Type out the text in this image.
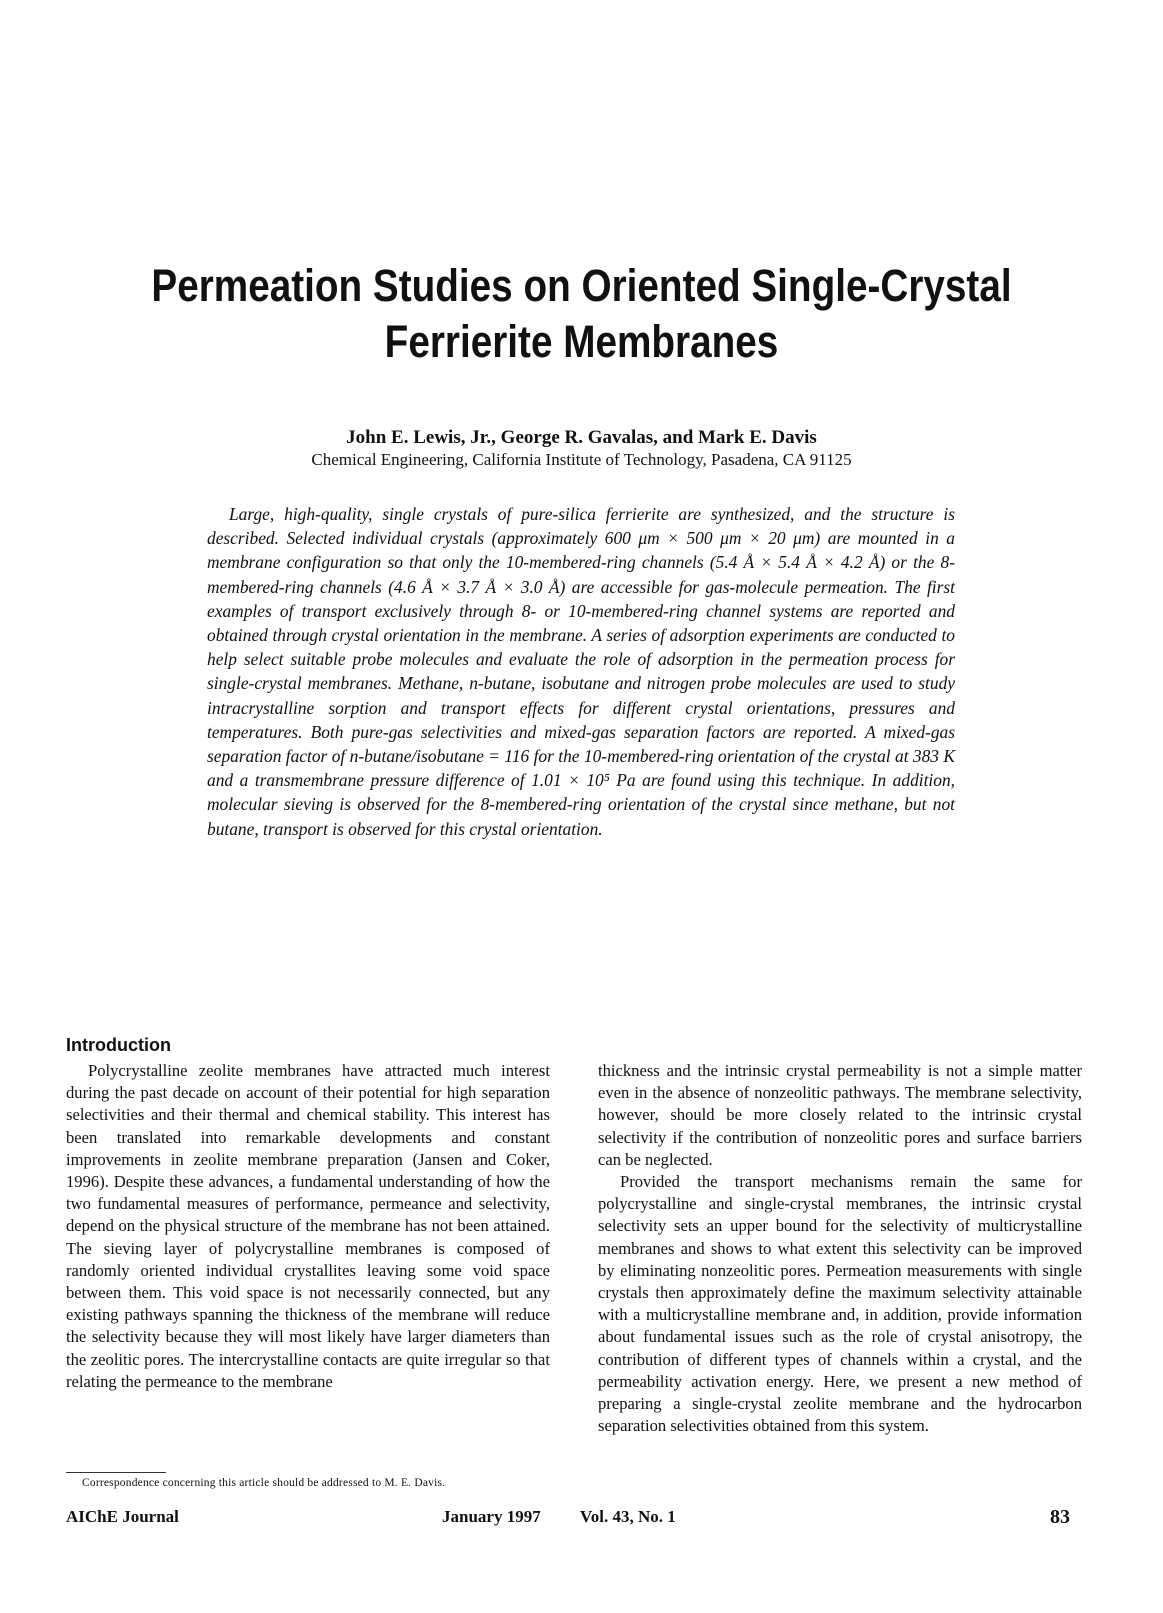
Permeation Studies on Oriented Single-Crystal
Ferrierite Membranes
John E. Lewis, Jr., George R. Gavalas, and Mark E. Davis
Chemical Engineering, California Institute of Technology, Pasadena, CA 91125
Large, high-quality, single crystals of pure-silica ferrierite are synthesized, and the structure is described. Selected individual crystals (approximately 600 μm × 500 μm × 20 μm) are mounted in a membrane configuration so that only the 10-membered-ring channels (5.4 Å × 5.4 Å × 4.2 Å) or the 8-membered-ring channels (4.6 Å × 3.7 Å × 3.0 Å) are accessible for gas-molecule permeation. The first examples of transport exclusively through 8- or 10-membered-ring channel systems are reported and obtained through crystal orientation in the membrane. A series of adsorption experiments are conducted to help select suitable probe molecules and evaluate the role of adsorption in the permeation process for single-crystal membranes. Methane, n-butane, isobutane and nitrogen probe molecules are used to study intracrystalline sorption and transport effects for different crystal orientations, pressures and temperatures. Both pure-gas selectivities and mixed-gas separation factors are reported. A mixed-gas separation factor of n-butane/isobutane = 116 for the 10-membered-ring orientation of the crystal at 383 K and a transmembrane pressure difference of 1.01 × 10⁵ Pa are found using this technique. In addition, molecular sieving is observed for the 8-membered-ring orientation of the crystal since methane, but not butane, transport is observed for this crystal orientation.
Introduction

Polycrystalline zeolite membranes have attracted much interest during the past decade on account of their potential for high separation selectivities and their thermal and chemical stability. This interest has been translated into remarkable developments and constant improvements in zeolite membrane preparation (Jansen and Coker, 1996). Despite these advances, a fundamental understanding of how the two fundamental measures of performance, permeance and selectivity, depend on the physical structure of the membrane has not been attained. The sieving layer of polycrystalline membranes is composed of randomly oriented individual crystallites leaving some void space between them. This void space is not necessarily connected, but any existing pathways spanning the thickness of the membrane will reduce the selectivity because they will most likely have larger diameters than the zeolitic pores. The intercrystalline contacts are quite irregular so that relating the permeance to the membrane

thickness and the intrinsic crystal permeability is not a simple matter even in the absence of nonzeolitic pathways. The membrane selectivity, however, should be more closely related to the intrinsic crystal selectivity if the contribution of nonzeolitic pores and surface barriers can be neglected.

Provided the transport mechanisms remain the same for polycrystalline and single-crystal membranes, the intrinsic crystal selectivity sets an upper bound for the selectivity of multicrystalline membranes and shows to what extent this selectivity can be improved by eliminating nonzeolitic pores. Permeation measurements with single crystals then approximately define the maximum selectivity attainable with a multicrystalline membrane and, in addition, provide information about fundamental issues such as the role of crystal anisotropy, the contribution of different types of channels within a crystal, and the permeability activation energy. Here, we present a new method of preparing a single-crystal zeolite membrane and the hydrocarbon separation selectivities obtained from this system.

Correspondence concerning this article should be addressed to M. E. Davis.
AIChE Journal	January 1997 Vol. 43, No. 1	83
